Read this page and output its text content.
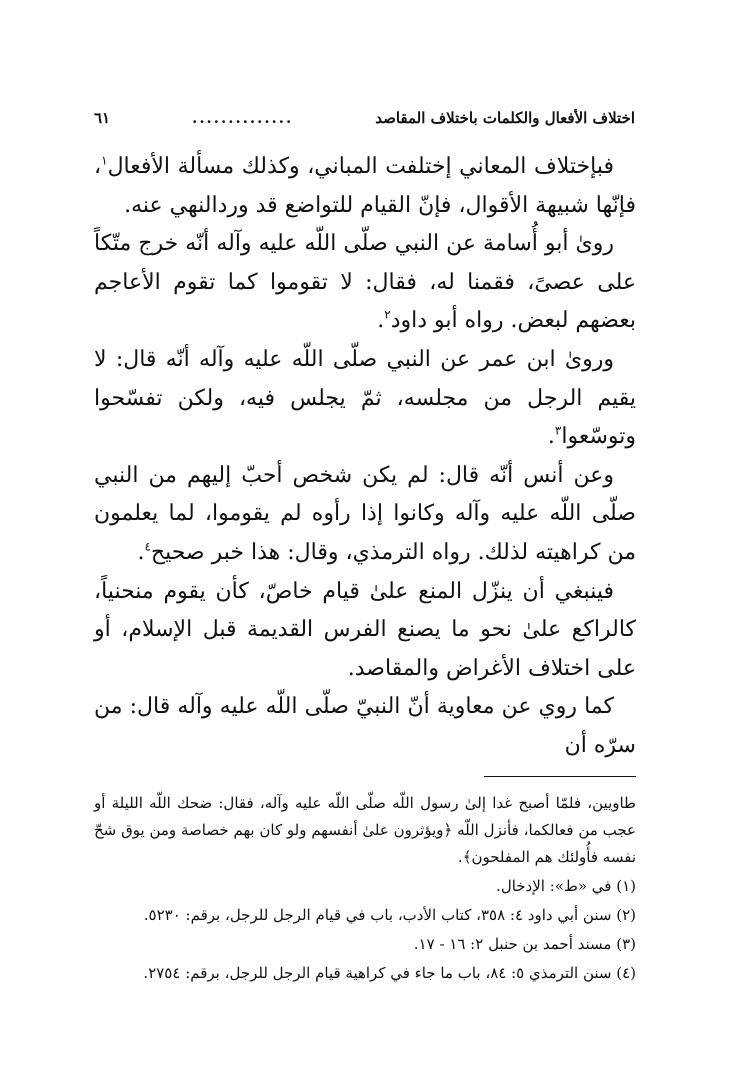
اختلاف الأفعال والكلمات باختلاف المقاصد
..............
٦١

فبإختلاف المعاني إختلفت المباني، وكذلك مسألة الأفعال$^١$، فإنّها شبيهة الأقوال، فإنّ القيام للتواضع قد وردالنهي عنه.

روىٰ أبو أُسامة عن النبي صلّى اللّه عليه وآله أنّه خرج متّكاً على عصىً، فقمنا له، فقال: لا تقوموا كما تقوم الأعاجم بعضهم لبعض. رواه أبو داود$^٢$.

ورویٰ ابن عمر عن النبي صلّى اللّه عليه وآله أنّه قال: لا يقيم الرجل من مجلسه، ثمّ يجلس فيه، ولكن تفسّحوا وتوسّعوا$^٣$.

وعن أنس أنّه قال: لم يكن شخص أحبّ إليهم من النبي صلّى اللّه عليه وآله وكانوا إذا رأوه لم يقوموا، لما يعلمون من كراهيته لذلك. رواه الترمذي، وقال: هذا خبر صحيح$^٤$.

فينبغي أن ينزّل المنع علىٰ قيام خاصّ، كأن يقوم منحنياً، كالراكع علىٰ نحو ما يصنع الفرس القديمة قبل الإسلام، أو على اختلاف الأغراض والمقاصد.

كما روي عن معاوية أنّ النبيّ صلّى اللّه عليه وآله قال: من سرّه أن

طاويين، فلمّا أصبح غدا إلىٰ رسول اللّه صلّى اللّه عليه وآله، فقال: ضحك اللّه الليلة أو عجب من فعالكما، فأنزل اللّه ﴿ويؤثرون علىٰ أنفسهم ولو كان بهم خصاصة ومن يوق شحّ نفسه فأُولئك هم المفلحون﴾.

(١) في «ط»: الإدخال.

(٢) سنن أبي داود ٤: ٣٥٨، كتاب الأدب، باب في قيام الرجل للرجل، برقم: ٥٢٣٠.

(٣) مسند أحمد بن حنبل ٢: ١٦ - ١٧.

(٤) سنن الترمذي ٥: ٨٤، باب ما جاء في كراهية قيام الرجل للرجل، برقم: ٢٧٥٤.
